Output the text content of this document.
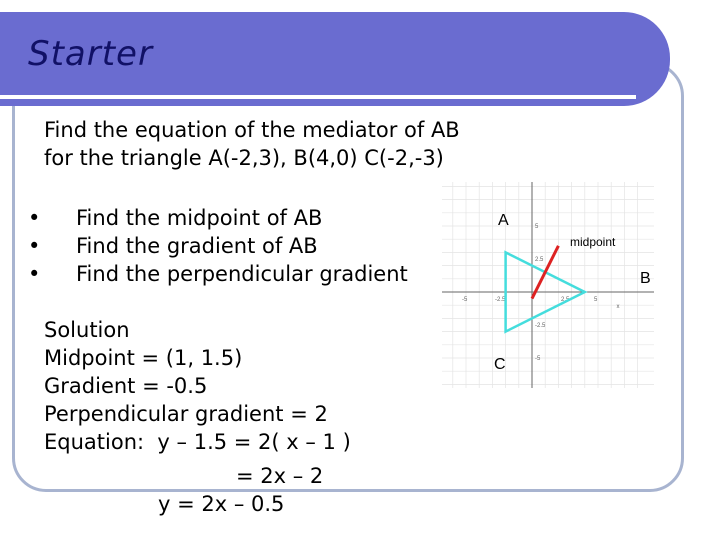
Starter
Find the equation of the mediator of AB
for the triangle A(-2,3), B(4,0) C(-2,-3)
• Find the midpoint of AB
• Find the gradient of AB
• Find the perpendicular gradient
Solution
Midpoint = (1, 1.5)
Gradient = -0.5
Perpendicular gradient = 2
Equation:  y – 1.5 = 2( x – 1 )
= 2x – 2
y = 2x – 0.5
-5	-2.5	2.5	5
5
2.5
-2.5
-5
x
A
B
C
midpoint
